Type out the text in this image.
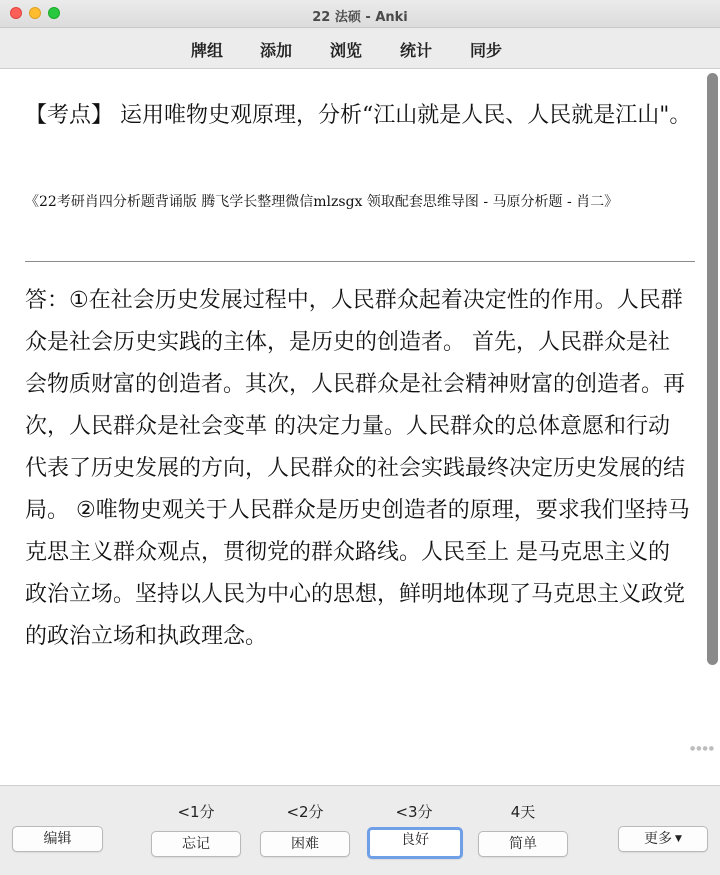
22 法硕 - Anki
牌组 添加 浏览 统计 同步
【考点】 运用唯物史观原理，分析“江山就是人民、人民就是江山"。
《22考研肖四分析题背诵版 腾飞学长整理微信mlzsgx 领取配套思维导图 - 马原分析题 - 肖二》
答：①在社会历史发展过程中，人民群众起着决定性的作用。人民群众是社会历史实践的主体，是历史的创造者。 首先，人民群众是社会物质财富的创造者。其次，人民群众是社会精神财富的创造者。再次，人民群众是社会变革 的决定力量。人民群众的总体意愿和行动代表了历史发展的方向，人民群众的社会实践最终决定历史发展的结局。 ②唯物史观关于人民群众是历史创造者的原理，要求我们坚持马克思主义群众观点，贯彻党的群众路线。人民至上 是马克思主义的政治立场。坚持以人民为中心的思想，鲜明地体现了马克思主义政党的政治立场和执政理念。
●●●●
编辑
<1分
忘记
<2分
困难
<3分
良好
4天
简单	更多 ▼
